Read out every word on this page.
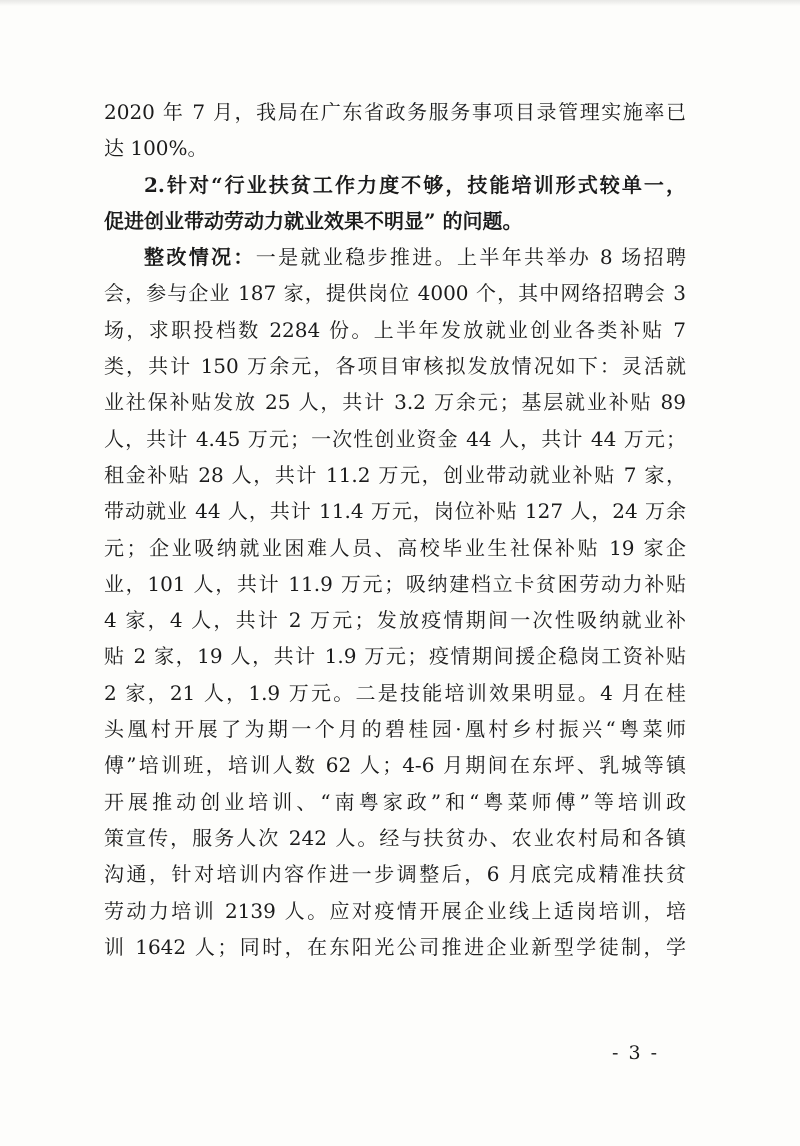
2020 年 7 月，我局在广东省政务服务事项目录管理实施率已
达 100%。
2.针对“行业扶贫工作力度不够，技能培训形式较单一，
促进创业带动劳动力就业效果不明显” 的问题。
整改情况：一是就业稳步推进。上半年共举办 8 场招聘
会，参与企业 187 家，提供岗位 4000 个，其中网络招聘会 3
场，求职投档数 2284 份。上半年发放就业创业各类补贴 7
类，共计 150 万余元，各项目审核拟发放情况如下：灵活就
业社保补贴发放 25 人，共计 3.2 万余元；基层就业补贴 89
人，共计 4.45 万元；一次性创业资金 44 人，共计 44 万元；
租金补贴 28 人，共计 11.2 万元，创业带动就业补贴 7 家，
带动就业 44 人，共计 11.4 万元，岗位补贴 127 人，24 万余
元；企业吸纳就业困难人员、高校毕业生社保补贴 19 家企
业，101 人，共计 11.9 万元；吸纳建档立卡贫困劳动力补贴
4 家，4 人，共计 2 万元；发放疫情期间一次性吸纳就业补
贴 2 家，19 人，共计 1.9 万元；疫情期间援企稳岗工资补贴
2 家，21 人，1.9 万元。二是技能培训效果明显。4 月在桂
头凰村开展了为期一个月的碧桂园·凰村乡村振兴“粤菜师
傅”培训班，培训人数 62 人；4-6 月期间在东坪、乳城等镇
开展推动创业培训、“南粤家政”和“粤菜师傅”等培训政
策宣传，服务人次 242 人。经与扶贫办、农业农村局和各镇
沟通，针对培训内容作进一步调整后，6 月底完成精准扶贫
劳动力培训 2139 人。应对疫情开展企业线上适岗培训，培
训 1642 人；同时，在东阳光公司推进企业新型学徒制，学
- 3 -
